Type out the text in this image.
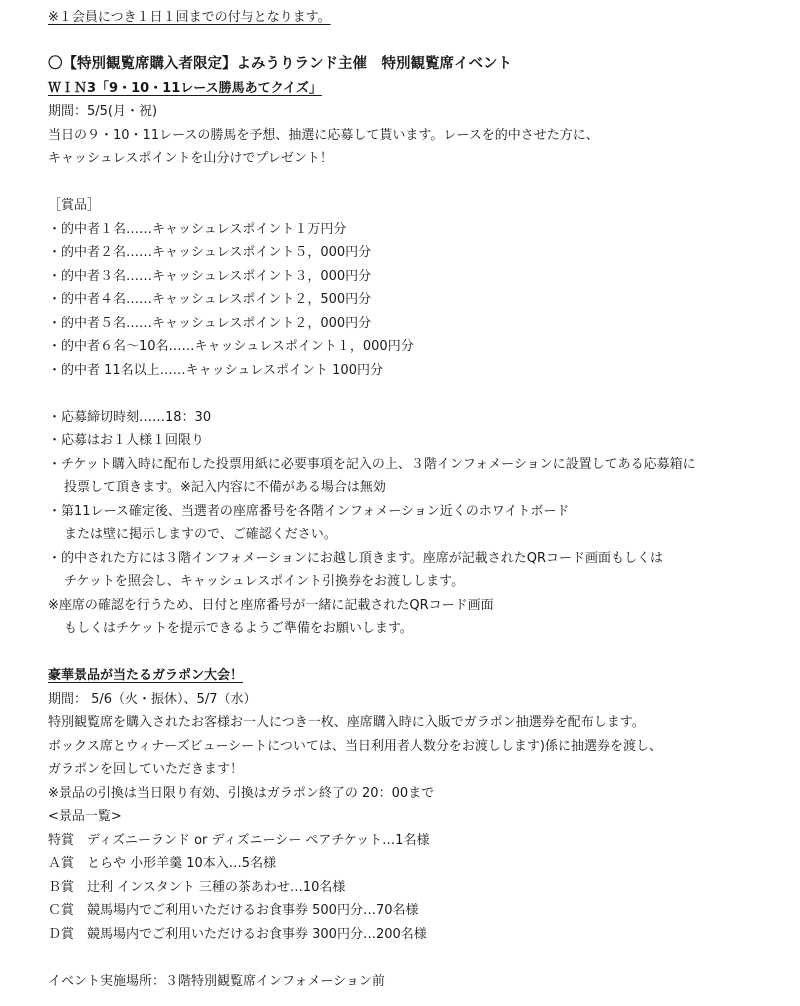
※１会員につき１日１回までの付与となります。
〇【特別観覧席購入者限定】よみうりランド主催　特別観覧席イベント
ＷＩＮ3「9・10・11レース勝馬あてクイズ」
期間：5/5(月・祝)
当日の９・10・11レースの勝馬を予想、抽選に応募して貰います。レースを的中させた方に、
キャッシュレスポイントを山分けでプレゼント！
［賞品］
・的中者１名……キャッシュレスポイント１万円分
・的中者２名……キャッシュレスポイント５，000円分
・的中者３名……キャッシュレスポイント３，000円分
・的中者４名……キャッシュレスポイント２，500円分
・的中者５名……キャッシュレスポイント２，000円分
・的中者６名～10名……キャッシュレスポイント１，000円分
・的中者 11名以上……キャッシュレスポイント 100円分
・応募締切時刻……18：30
・応募はお１人様１回限り
・チケット購入時に配布した投票用紙に必要事項を記入の上、３階インフォメーションに設置してある応募箱に
投票して頂きます。※記入内容に不備がある場合は無効
・第11レース確定後、当選者の座席番号を各階インフォメーション近くのホワイトボード
または壁に掲示しますので、ご確認ください。
・的中された方には３階インフォメーションにお越し頂きます。座席が記載されたQRコード画面もしくは
チケットを照会し、キャッシュレスポイント引換券をお渡しします。
※座席の確認を行うため、日付と座席番号が一緒に記載されたQRコード画面
もしくはチケットを提示できるようご準備をお願いします。
豪華景品が当たるガラポン大会！
期間： 5/6（火・振休）、5/7（水）
特別観覧席を購入されたお客様お一人につき一枚、座席購入時に入販でガラポン抽選券を配布します。
ボックス席とウィナーズビューシートについては、当日利用者人数分をお渡しします)係に抽選券を渡し、
ガラポンを回していただきます！
※景品の引換は当日限り有効、引換はガラポン終了の 20：00まで
<景品一覧>
特賞　ディズニーランド or ディズニーシー ペアチケット…1名様
Ａ賞　とらや 小形羊羹 10本入…5名様
Ｂ賞　辻利 インスタント 三種の茶あわせ…10名様
Ｃ賞　競馬場内でご利用いただけるお食事券 500円分…70名様
Ｄ賞　競馬場内でご利用いただけるお食事券 300円分…200名様
イベント実施場所：３階特別観覧席インフォメーション前
